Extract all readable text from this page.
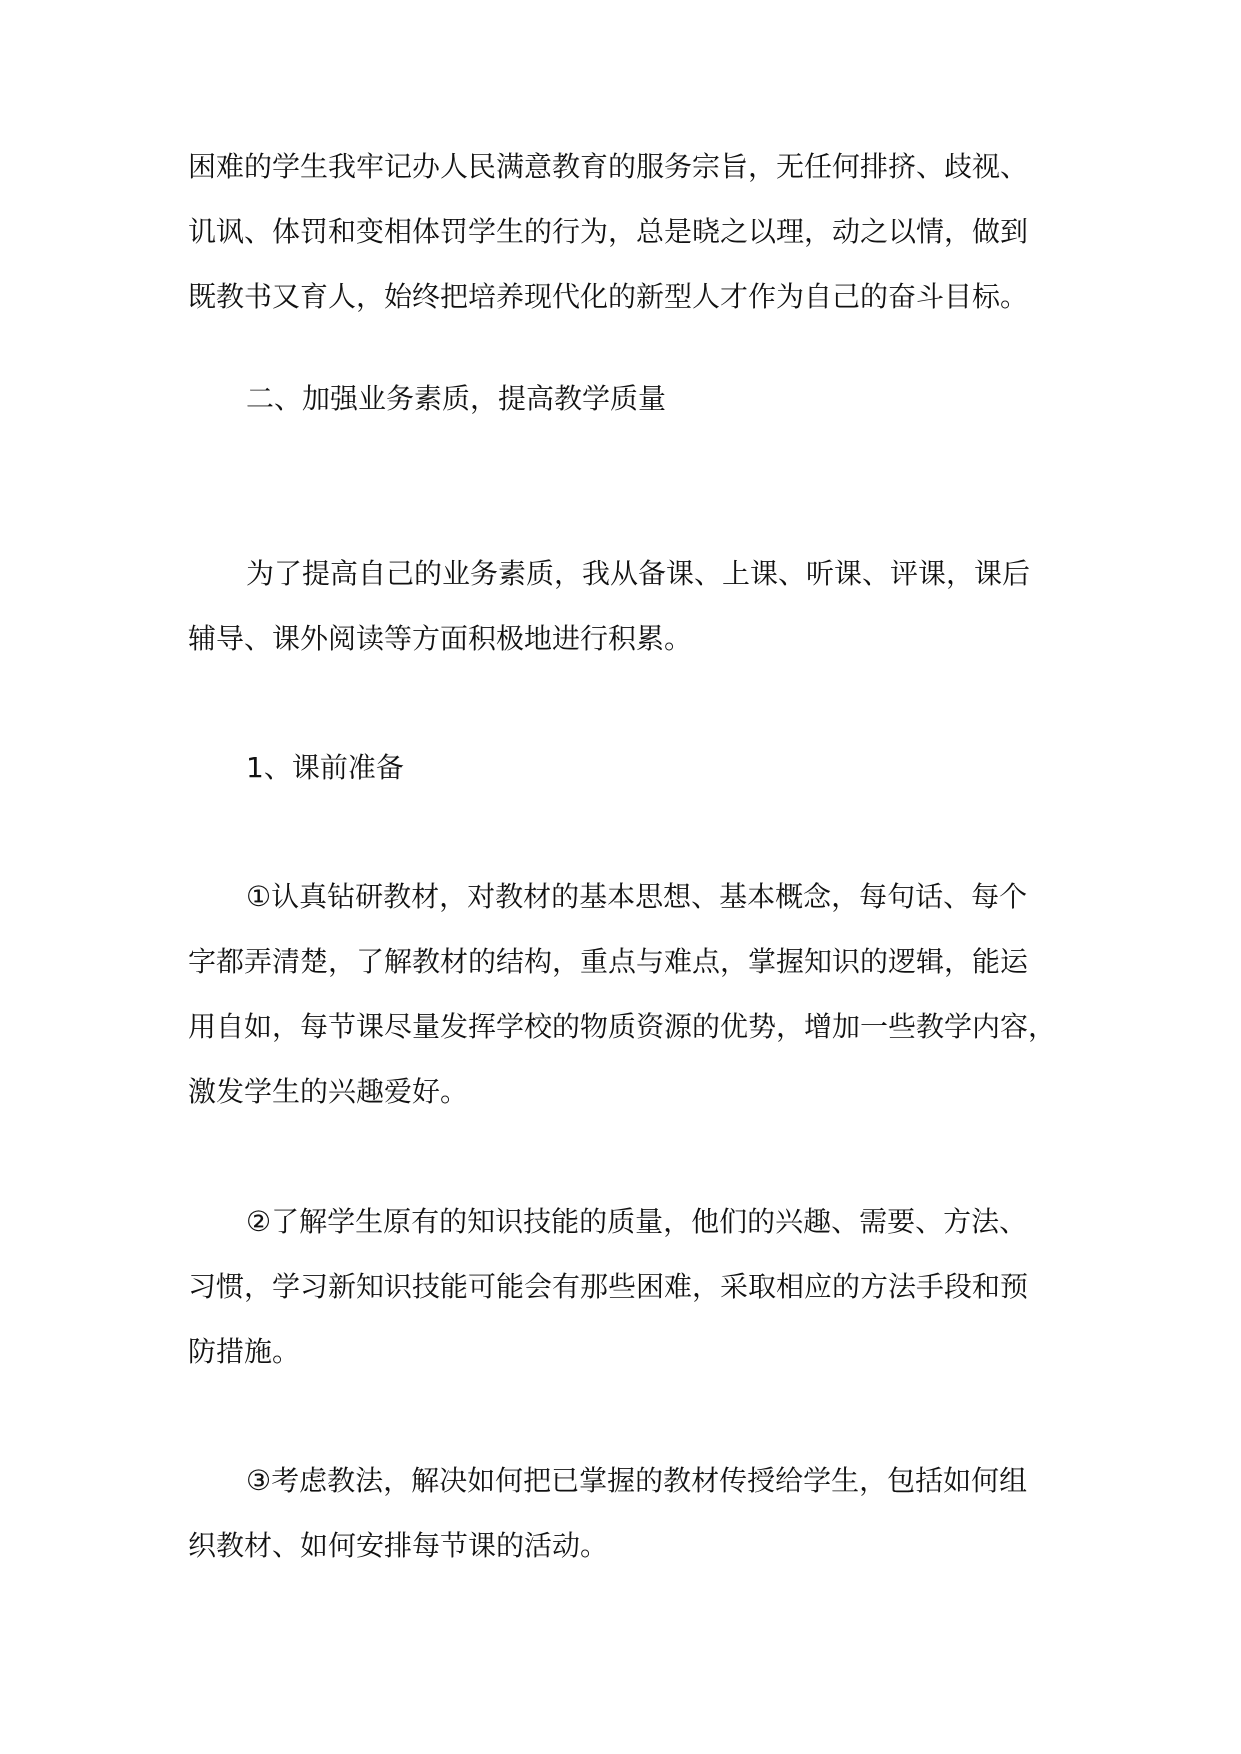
困难的学生我牢记办人民满意教育的服务宗旨，无任何排挤、歧视、
讥讽、体罚和变相体罚学生的行为，总是晓之以理，动之以情，做到
既教书又育人，始终把培养现代化的新型人才作为自己的奋斗目标。
二、加强业务素质，提高教学质量
为了提高自己的业务素质，我从备课、上课、听课、评课，课后
辅导、课外阅读等方面积极地进行积累。
1、课前准备
①认真钻研教材，对教材的基本思想、基本概念，每句话、每个
字都弄清楚，了解教材的结构，重点与难点，掌握知识的逻辑，能运
用自如，每节课尽量发挥学校的物质资源的优势，增加一些教学内容，
激发学生的兴趣爱好。
②了解学生原有的知识技能的质量，他们的兴趣、需要、方法、
习惯，学习新知识技能可能会有那些困难，采取相应的方法手段和预
防措施。
③考虑教法，解决如何把已掌握的教材传授给学生，包括如何组
织教材、如何安排每节课的活动。
